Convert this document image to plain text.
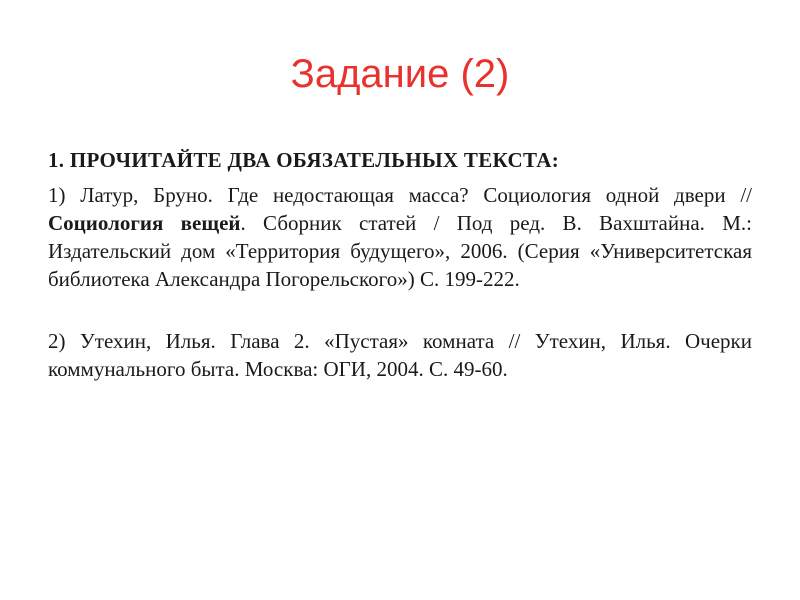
Задание (2)

1. ПРОЧИТАЙТЕ ДВА ОБЯЗАТЕЛЬНЫХ ТЕКСТА:

1) Латур, Бруно. Где недостающая масса? Социология одной двери // Социология вещей. Сборник статей / Под ред. В. Вахштайна. М.: Издательский дом «Территория будущего», 2006. (Серия «Университетская библиотека Александра Погорельского») С. 199-222.

2) Утехин, Илья. Глава 2. «Пустая» комната // Утехин, Илья. Очерки коммунального быта. Москва: ОГИ, 2004. С. 49-60.
